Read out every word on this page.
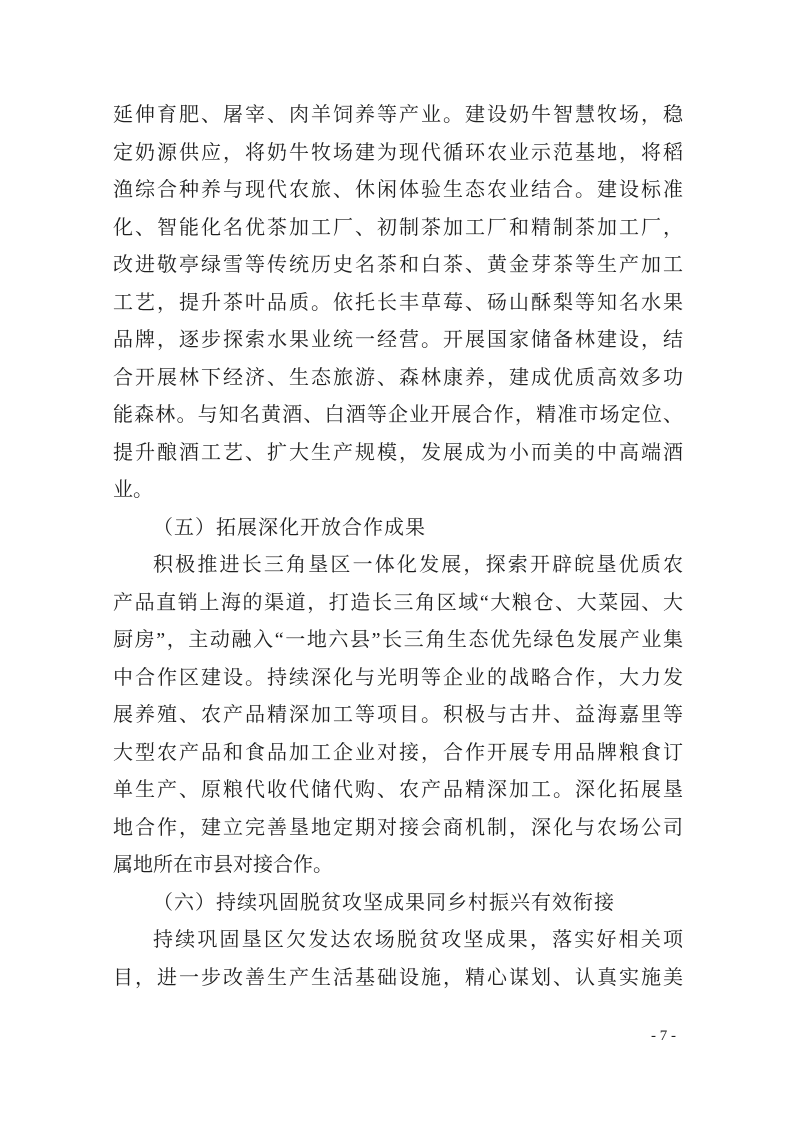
延伸育肥、屠宰、肉羊饲养等产业。建设奶牛智慧牧场，稳
定奶源供应，将奶牛牧场建为现代循环农业示范基地，将稻
渔综合种养与现代农旅、休闲体验生态农业结合。建设标准
化、智能化名优茶加工厂、初制茶加工厂和精制茶加工厂，
改进敬亭绿雪等传统历史名茶和白茶、黄金芽茶等生产加工
工艺，提升茶叶品质。依托长丰草莓、砀山酥梨等知名水果
品牌，逐步探索水果业统一经营。开展国家储备林建设，结
合开展林下经济、生态旅游、森林康养，建成优质高效多功
能森林。与知名黄酒、白酒等企业开展合作，精准市场定位、
提升酿酒工艺、扩大生产规模，发展成为小而美的中高端酒
业。
（五）拓展深化开放合作成果
积极推进长三角垦区一体化发展，探索开辟皖垦优质农
产品直销上海的渠道，打造长三角区域“大粮仓、大菜园、大
厨房”，主动融入“一地六县”长三角生态优先绿色发展产业集
中合作区建设。持续深化与光明等企业的战略合作，大力发
展养殖、农产品精深加工等项目。积极与古井、益海嘉里等
大型农产品和食品加工企业对接，合作开展专用品牌粮食订
单生产、原粮代收代储代购、农产品精深加工。深化拓展垦
地合作，建立完善垦地定期对接会商机制，深化与农场公司
属地所在市县对接合作。
（六）持续巩固脱贫攻坚成果同乡村振兴有效衔接
持续巩固垦区欠发达农场脱贫攻坚成果，落实好相关项
目，进一步改善生产生活基础设施，精心谋划、认真实施美
- 7 -
